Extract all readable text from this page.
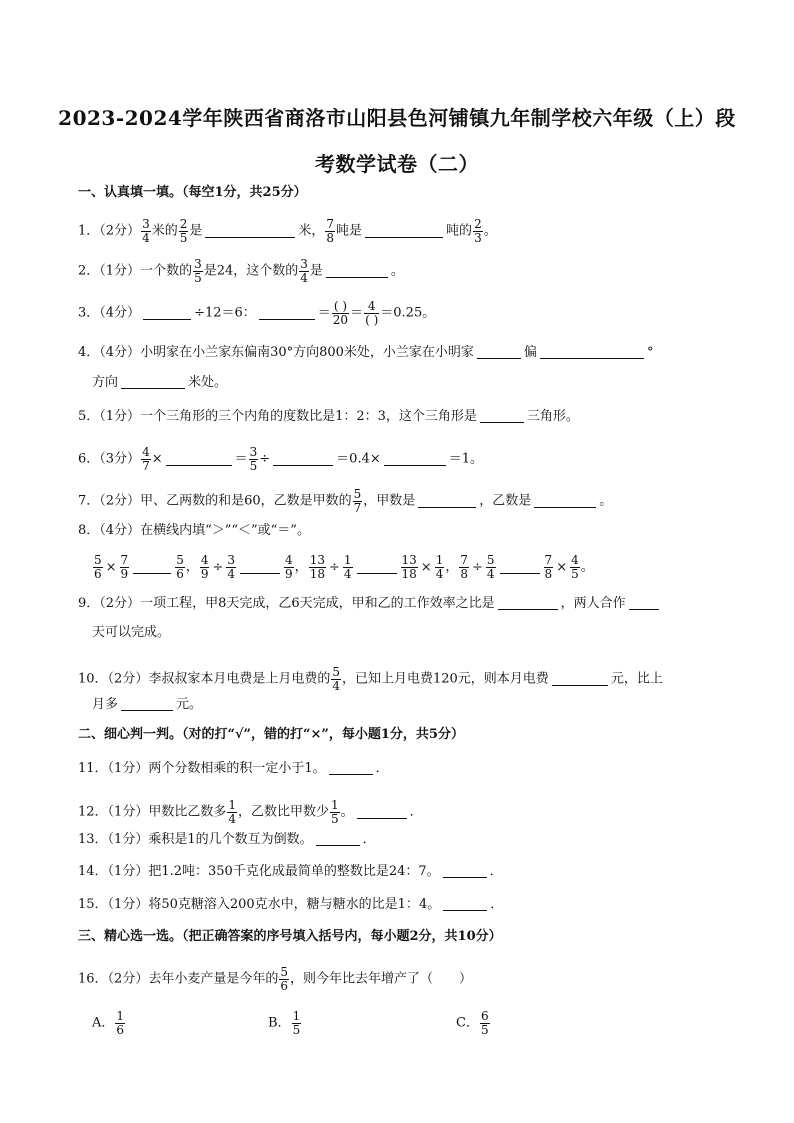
2023-2024学年陕西省商洛市山阳县色河铺镇九年制学校六年级（上）段
考数学试卷（二）
一、认真填一填。（每空1分，共25分）
1．（2分） $\frac{3}{4}$ 米的 $\frac{2}{5}$ 是	米， $\frac{7}{8}$ 吨是	吨的 $\frac{2}{3}$ 。
2．（1分）一个数的 $\frac{3}{5}$ 是24，这个数的 $\frac{3}{4}$ 是	。
3．（4分）	÷12＝6：	＝ $\frac{( )}{20} = \frac{4}{( )} =0.25$。
4．（4分）小明家在小兰家东偏南30°方向800米处，小兰家在小明家	偏	°
方向	米处。
5．（1分）一个三角形的三个内角的度数比是1：2：3，这个三角形是	三角形。
6．（3分） $\frac{4}{7}$ ×	＝ $\frac{3}{5}$ ÷	＝0.4×	＝1。
7．（2分）甲、乙两数的和是60，乙数是甲数的 $\frac{5}{7}$ ，甲数是	，乙数是	。
8．（4分）在横线内填“＞”“＜”或“＝”。
$\frac{5}{6} \times \frac{7}{9}$	$\frac{5}{6}$ ， $\frac{4}{9} \div \frac{3}{4}$	$\frac{4}{9}$ ， $\frac{13}{18} \div \frac{1}{4}$	$\frac{13}{18} \times \frac{1}{4}$ ， $\frac{7}{8} \div \frac{5}{4}$	$\frac{7}{8} \times \frac{4}{5}$ 。
9．（2分）一项工程，甲8天完成，乙6天完成，甲和乙的工作效率之比是	，两人合作
天可以完成。
10．（2分）李叔叔家本月电费是上月电费的 $\frac{5}{4}$ ，已知上月电费120元，则本月电费	元，比上
月多	元。
二、细心判一判。（对的打“√”，错的打“×”，每小题1分，共5分）
11．（1分）两个分数相乘的积一定小于1。	．
12．（1分）甲数比乙数多 $\frac{1}{4}$ ，乙数比甲数少 $\frac{1}{5}$ 。	．
13．（1分）乘积是1的几个数互为倒数。	．
14．（1分）把1.2吨：350千克化成最简单的整数比是24：7。	．
15．（1分）将50克糖溶入200克水中，糖与糖水的比是1：4。	．
三、精心选一选。（把正确答案的序号填入括号内，每小题2分，共10分）
16．（2分）去年小麦产量是今年的 $\frac{5}{6}$ ，则今年比去年增产了（　　）
A． $\frac{1}{6}$	B． $\frac{1}{5}$	C． $\frac{6}{5}$
